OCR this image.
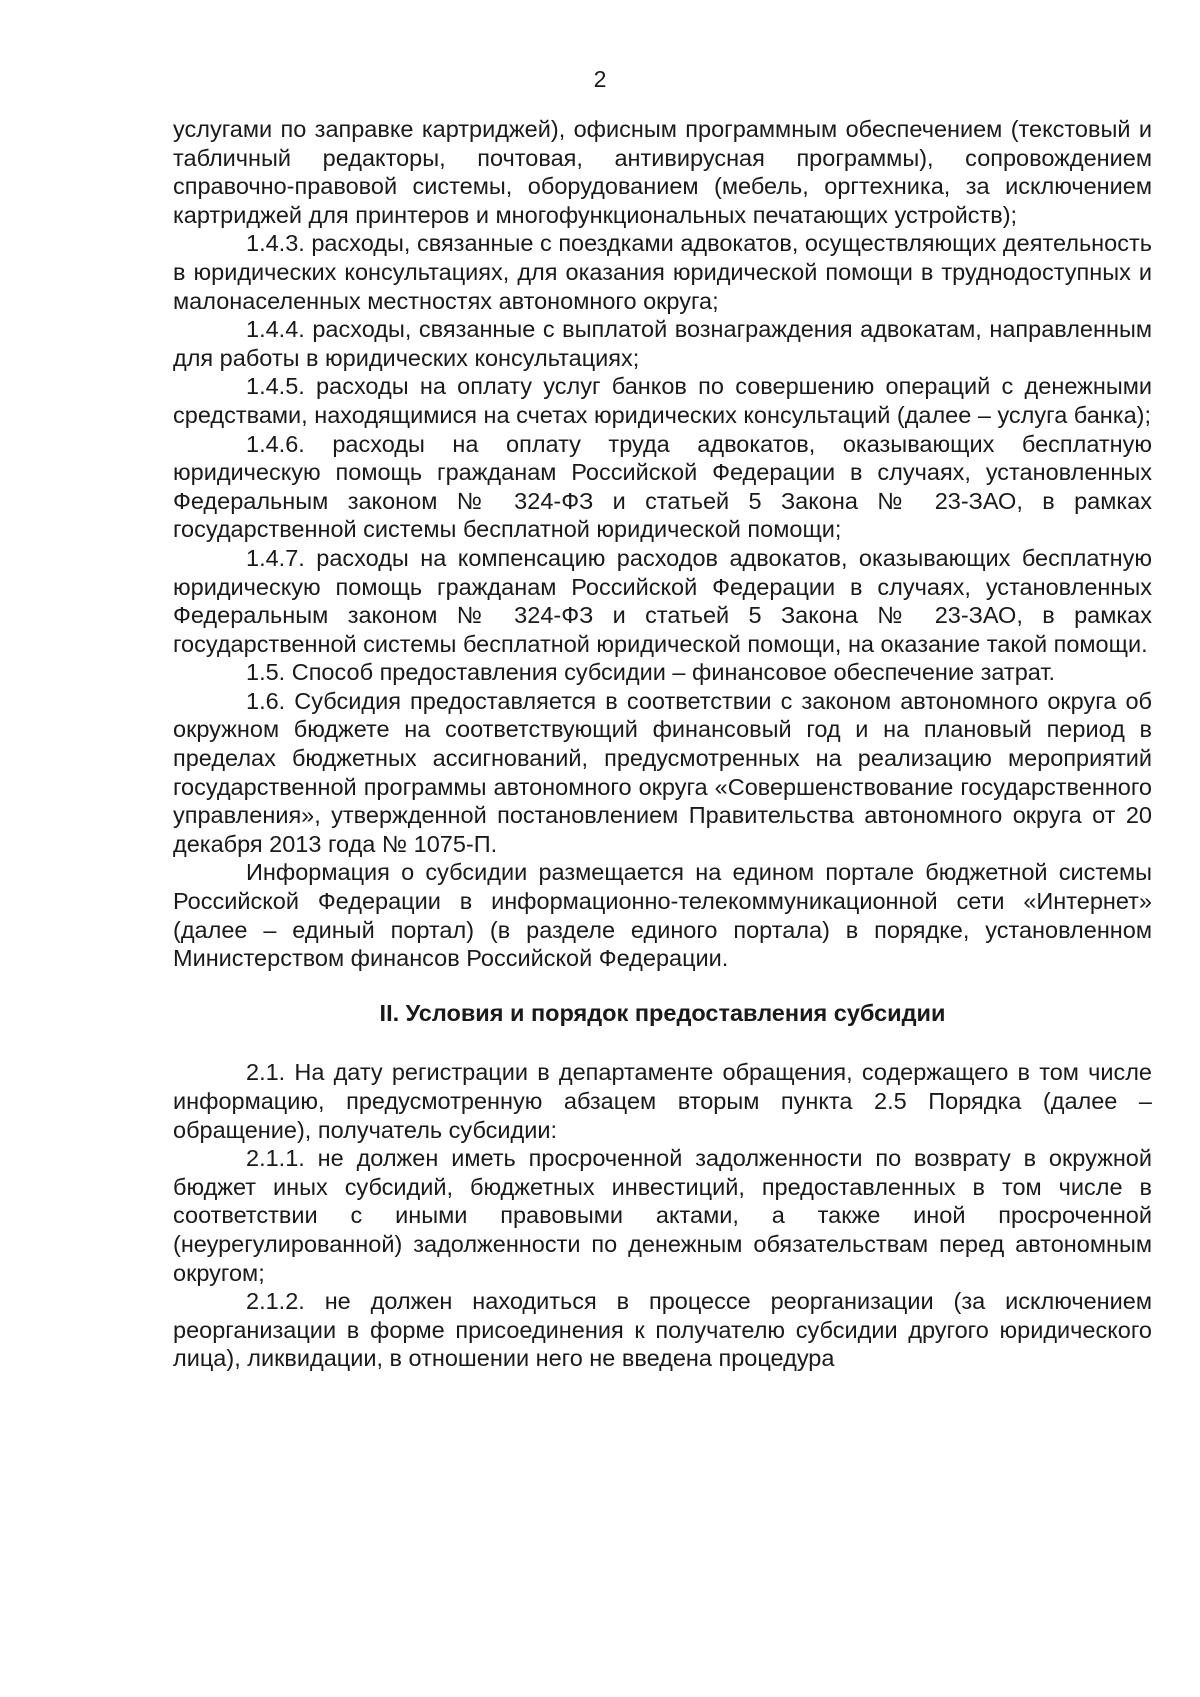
2

услугами по заправке картриджей), офисным программным обеспечением (текстовый и табличный редакторы, почтовая, антивирусная программы), сопровождением справочно-правовой системы, оборудованием (мебель, оргтехника, за исключением картриджей для принтеров и многофункциональных печатающих устройств);

1.4.3. расходы, связанные с поездками адвокатов, осуществляющих деятельность в юридических консультациях, для оказания юридической помощи в труднодоступных и малонаселенных местностях автономного округа;

1.4.4. расходы, связанные с выплатой вознаграждения адвокатам, направленным для работы в юридических консультациях;

1.4.5. расходы на оплату услуг банков по совершению операций с денежными средствами, находящимися на счетах юридических консультаций (далее – услуга банка);

1.4.6. расходы на оплату труда адвокатов, оказывающих бесплатную юридическую помощь гражданам Российской Федерации в случаях, установленных Федеральным законом № 324-ФЗ и статьей 5 Закона № 23-ЗАО, в рамках государственной системы бесплатной юридической помощи;

1.4.7. расходы на компенсацию расходов адвокатов, оказывающих бесплатную юридическую помощь гражданам Российской Федерации в случаях, установленных Федеральным законом № 324-ФЗ и статьей 5 Закона № 23-ЗАО, в рамках государственной системы бесплатной юридической помощи, на оказание такой помощи.

1.5. Способ предоставления субсидии – финансовое обеспечение затрат.

1.6. Субсидия предоставляется в соответствии с законом автономного округа об окружном бюджете на соответствующий финансовый год и на плановый период в пределах бюджетных ассигнований, предусмотренных на реализацию мероприятий государственной программы автономного округа «Совершенствование государственного управления», утвержденной постановлением Правительства автономного округа от 20 декабря 2013 года № 1075-П.

Информация о субсидии размещается на едином портале бюджетной системы Российской Федерации в информационно-телекоммуникационной сети «Интернет» (далее – единый портал) (в разделе единого портала) в порядке, установленном Министерством финансов Российской Федерации.

II. Условия и порядок предоставления субсидии

2.1. На дату регистрации в департаменте обращения, содержащего в том числе информацию, предусмотренную абзацем вторым пункта 2.5 Порядка (далее – обращение), получатель субсидии:

2.1.1. не должен иметь просроченной задолженности по возврату в окружной бюджет иных субсидий, бюджетных инвестиций, предоставленных в том числе в соответствии с иными правовыми актами, а также иной просроченной (неурегулированной) задолженности по денежным обязательствам перед автономным округом;

2.1.2. не должен находиться в процессе реорганизации (за исключением реорганизации в форме присоединения к получателю субсидии другого юридического лица), ликвидации, в отношении него не введена процедура
